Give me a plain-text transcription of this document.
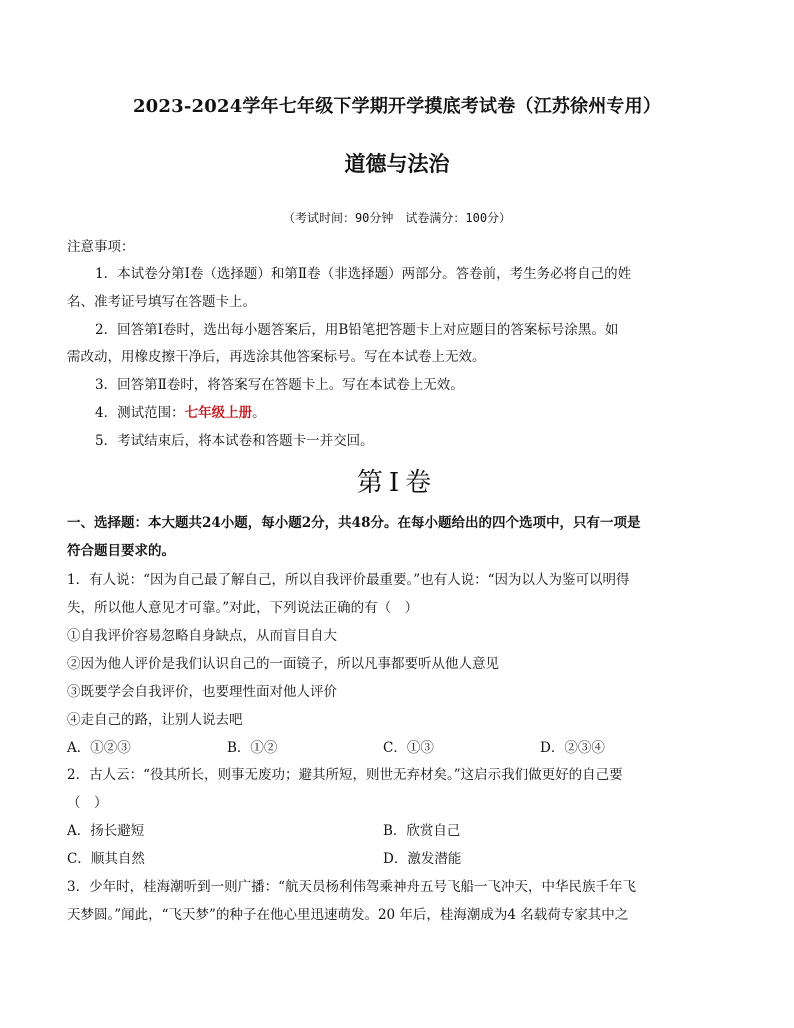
2023-2024学年七年级下学期开学摸底考试卷（江苏徐州专用）
道德与法治
（考试时间：90分钟　试卷满分：100分）
注意事项：
1．本试卷分第Ⅰ卷（选择题）和第Ⅱ卷（非选择题）两部分。答卷前，考生务必将自己的姓
名、准考证号填写在答题卡上。
2．回答第Ⅰ卷时，选出每小题答案后，用B铅笔把答题卡上对应题目的答案标号涂黑。如
需改动，用橡皮擦干净后，再选涂其他答案标号。写在本试卷上无效。
3．回答第Ⅱ卷时，将答案写在答题卡上。写在本试卷上无效。
4．测试范围：七年级上册。
5．考试结束后，将本试卷和答题卡一并交回。
第Ⅰ卷
一、选择题：本大题共24小题，每小题2分，共48分。在每小题给出的四个选项中，只有一项是
符合题目要求的。
1．有人说：“因为自己最了解自己，所以自我评价最重要。”也有人说：“因为以人为鉴可以明得
失，所以他人意见才可靠。”对此，下列说法正确的有（　）
①自我评价容易忽略自身缺点，从而盲目自大
②因为他人评价是我们认识自己的一面镜子，所以凡事都要听从他人意见
③既要学会自我评价，也要理性面对他人评价
④走自己的路，让别人说去吧
A．①②③	B．①②	C．①③	D．②③④
2．古人云：“役其所长，则事无废功；避其所短，则世无弃材矣。”这启示我们做更好的自己要
（　）
A．扬长避短	B．欣赏自己
C．顺其自然	D．激发潜能
3．少年时，桂海潮听到一则广播：“航天员杨利伟驾乘神舟五号飞船一飞冲天，中华民族千年飞
天梦圆。”闻此，“飞天梦”的种子在他心里迅速萌发。20 年后，桂海潮成为4 名载荷专家其中之
